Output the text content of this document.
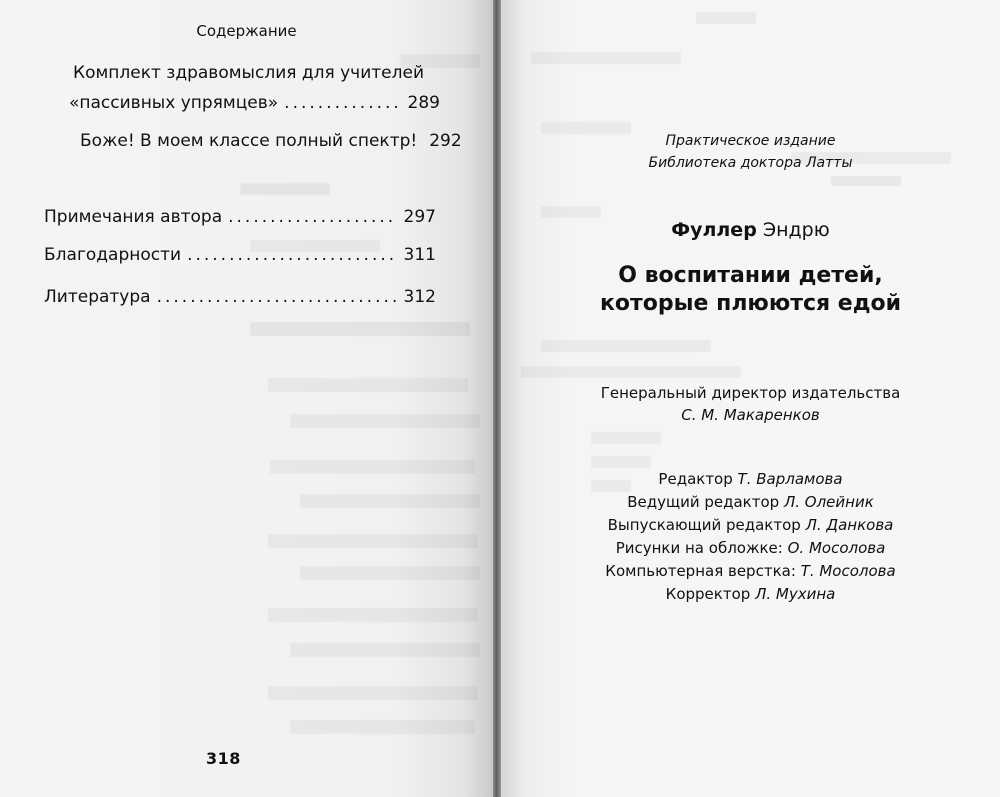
Содержание
Комплект здравомыслия для учителей
«пассивных упрямцев» .....	289
Боже! В моем классе полный спектр! 292
Примечания автора .....	297
Благодарности .....	311
Литература .....	312
318
Практическое издание
Библиотека доктора Латты
Фуллер Эндрю
О воспитании детей,
которые плюются едой
Генеральный директор издательства
С. М. Макаренков
Редактор Т. Варламова
Ведущий редактор Л. Олейник
Выпускающий редактор Л. Данкова
Рисунки на обложке: О. Мосолова
Компьютерная верстка: Т. Мосолова
Корректор Л. Мухина
